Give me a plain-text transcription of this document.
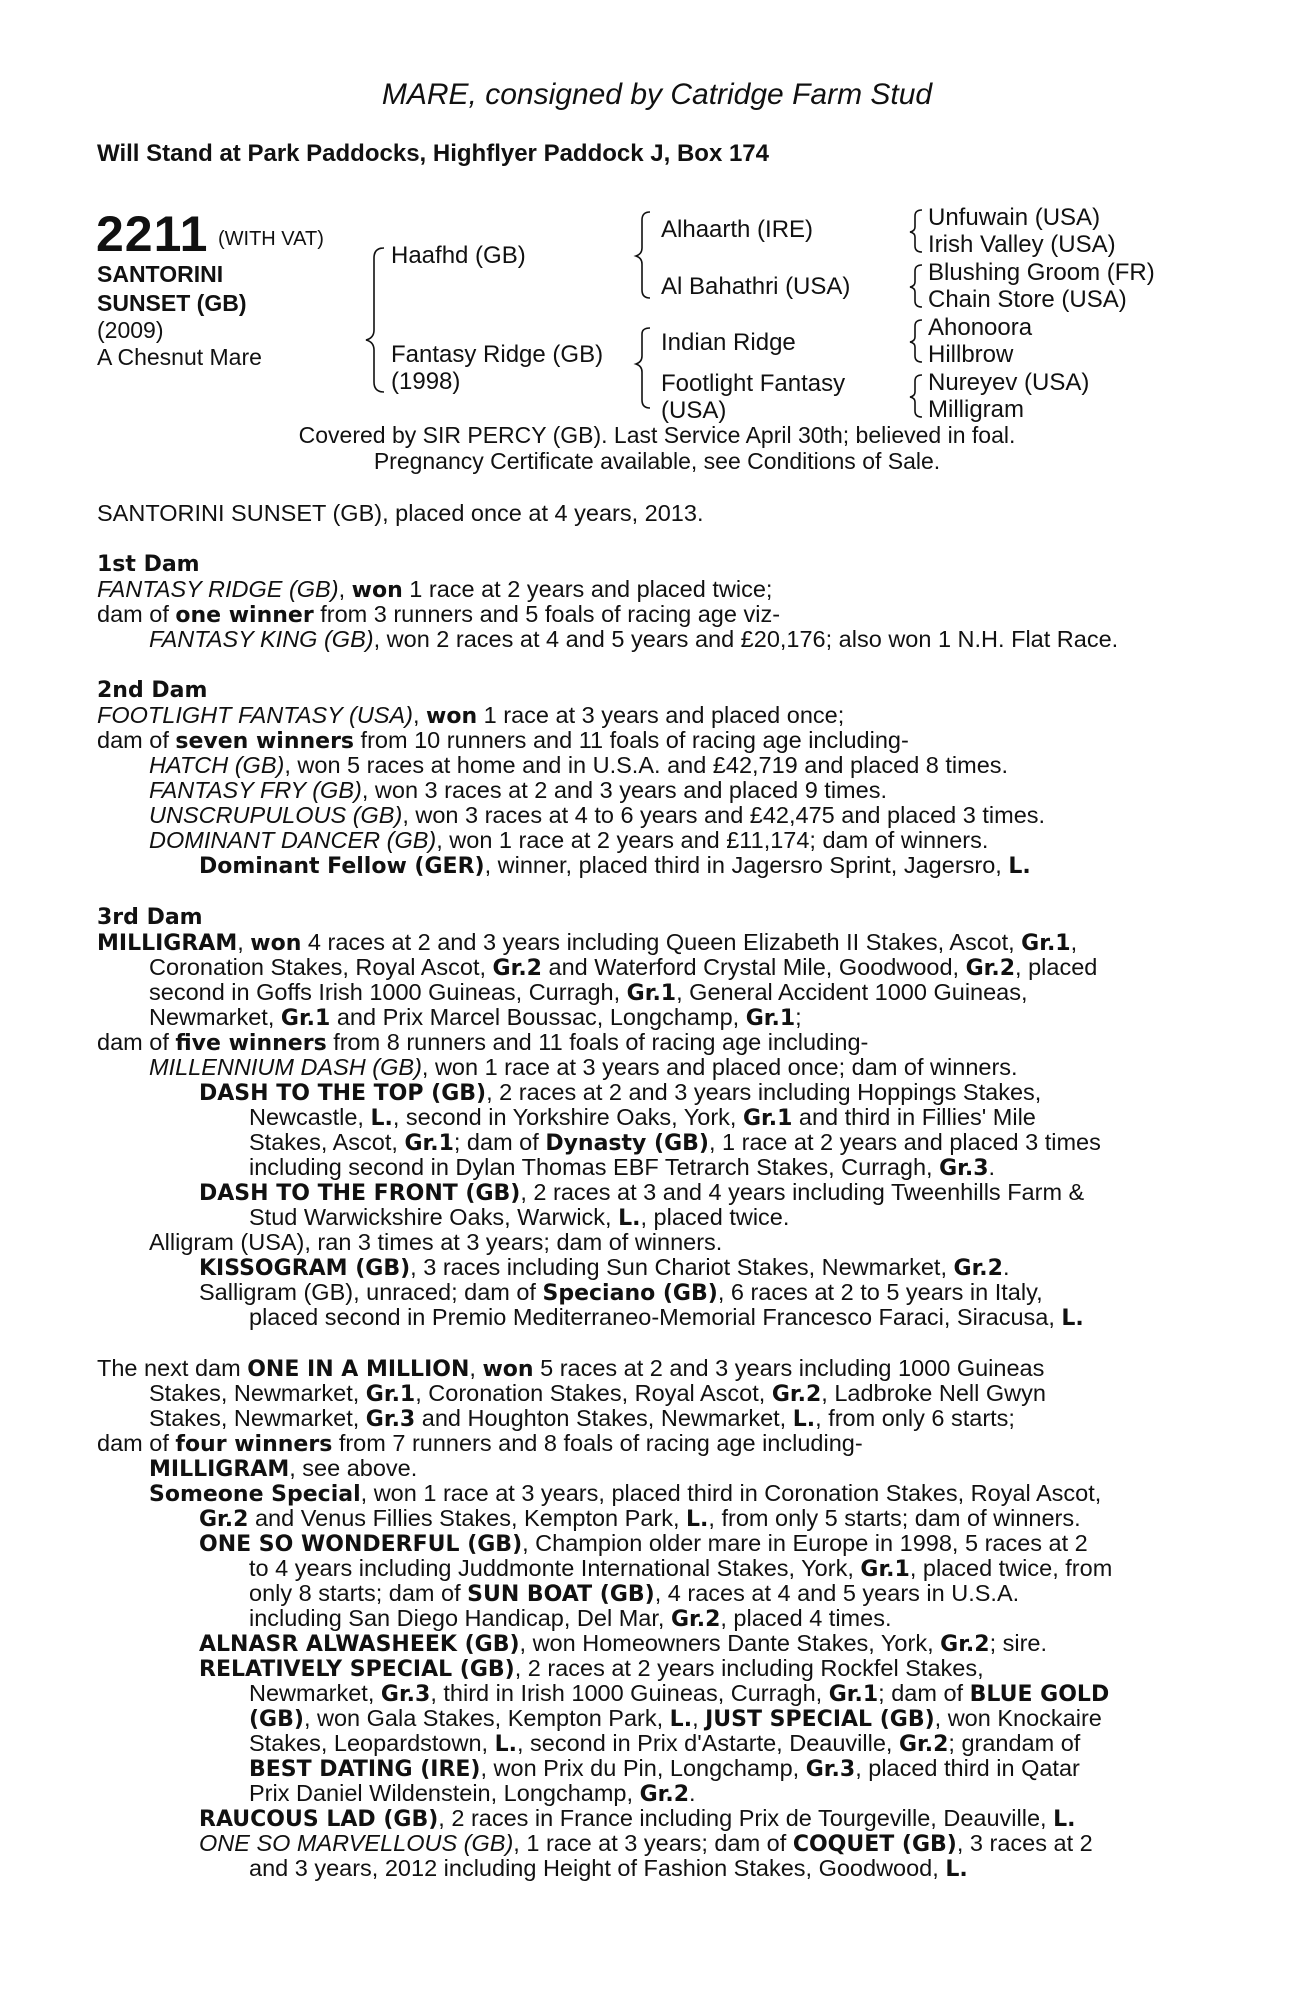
MARE, consigned by Catridge Farm Stud
Will Stand at Park Paddocks, Highflyer Paddock J, Box 174
2211 (WITH VAT)
SANTORINI
SUNSET (GB)
(2009)
A Chesnut Mare
Haafhd (GB)
Fantasy Ridge (GB)
(1998)
Alhaarth (IRE)
Al Bahathri (USA)
Indian Ridge
Footlight Fantasy
(USA)
Unfuwain (USA)
Irish Valley (USA)
Blushing Groom (FR)
Chain Store (USA)
Ahonoora
Hillbrow
Nureyev (USA)
Milligram
Covered by SIR PERCY (GB). Last Service April 30th; believed in foal.
Pregnancy Certificate available, see Conditions of Sale.
SANTORINI SUNSET (GB), placed once at 4 years, 2013.
1st Dam
FANTASY RIDGE (GB), won 1 race at 2 years and placed twice;
dam of one winner from 3 runners and 5 foals of racing age viz-
FANTASY KING (GB), won 2 races at 4 and 5 years and £20,176; also won 1 N.H. Flat Race.
2nd Dam
FOOTLIGHT FANTASY (USA), won 1 race at 3 years and placed once;
dam of seven winners from 10 runners and 11 foals of racing age including-
HATCH (GB), won 5 races at home and in U.S.A. and £42,719 and placed 8 times.
FANTASY FRY (GB), won 3 races at 2 and 3 years and placed 9 times.
UNSCRUPULOUS (GB), won 3 races at 4 to 6 years and £42,475 and placed 3 times.
DOMINANT DANCER (GB), won 1 race at 2 years and £11,174; dam of winners.
Dominant Fellow (GER), winner, placed third in Jagersro Sprint, Jagersro, L.
3rd Dam
MILLIGRAM, won 4 races at 2 and 3 years including Queen Elizabeth II Stakes, Ascot, Gr.1,
Coronation Stakes, Royal Ascot, Gr.2 and Waterford Crystal Mile, Goodwood, Gr.2, placed
second in Goffs Irish 1000 Guineas, Curragh, Gr.1, General Accident 1000 Guineas,
Newmarket, Gr.1 and Prix Marcel Boussac, Longchamp, Gr.1;
dam of five winners from 8 runners and 11 foals of racing age including-
MILLENNIUM DASH (GB), won 1 race at 3 years and placed once; dam of winners.
DASH TO THE TOP (GB), 2 races at 2 and 3 years including Hoppings Stakes,
Newcastle, L., second in Yorkshire Oaks, York, Gr.1 and third in Fillies' Mile
Stakes, Ascot, Gr.1; dam of Dynasty (GB), 1 race at 2 years and placed 3 times
including second in Dylan Thomas EBF Tetrarch Stakes, Curragh, Gr.3.
DASH TO THE FRONT (GB), 2 races at 3 and 4 years including Tweenhills Farm &
Stud Warwickshire Oaks, Warwick, L., placed twice.
Alligram (USA), ran 3 times at 3 years; dam of winners.
KISSOGRAM (GB), 3 races including Sun Chariot Stakes, Newmarket, Gr.2.
Salligram (GB), unraced; dam of Speciano (GB), 6 races at 2 to 5 years in Italy,
placed second in Premio Mediterraneo-Memorial Francesco Faraci, Siracusa, L.
The next dam ONE IN A MILLION, won 5 races at 2 and 3 years including 1000 Guineas
Stakes, Newmarket, Gr.1, Coronation Stakes, Royal Ascot, Gr.2, Ladbroke Nell Gwyn
Stakes, Newmarket, Gr.3 and Houghton Stakes, Newmarket, L., from only 6 starts;
dam of four winners from 7 runners and 8 foals of racing age including-
MILLIGRAM, see above.
Someone Special, won 1 race at 3 years, placed third in Coronation Stakes, Royal Ascot,
Gr.2 and Venus Fillies Stakes, Kempton Park, L., from only 5 starts; dam of winners.
ONE SO WONDERFUL (GB), Champion older mare in Europe in 1998, 5 races at 2
to 4 years including Juddmonte International Stakes, York, Gr.1, placed twice, from
only 8 starts; dam of SUN BOAT (GB), 4 races at 4 and 5 years in U.S.A.
including San Diego Handicap, Del Mar, Gr.2, placed 4 times.
ALNASR ALWASHEEK (GB), won Homeowners Dante Stakes, York, Gr.2; sire.
RELATIVELY SPECIAL (GB), 2 races at 2 years including Rockfel Stakes,
Newmarket, Gr.3, third in Irish 1000 Guineas, Curragh, Gr.1; dam of BLUE GOLD
(GB), won Gala Stakes, Kempton Park, L., JUST SPECIAL (GB), won Knockaire
Stakes, Leopardstown, L., second in Prix d'Astarte, Deauville, Gr.2; grandam of
BEST DATING (IRE), won Prix du Pin, Longchamp, Gr.3, placed third in Qatar
Prix Daniel Wildenstein, Longchamp, Gr.2.
RAUCOUS LAD (GB), 2 races in France including Prix de Tourgeville, Deauville, L.
ONE SO MARVELLOUS (GB), 1 race at 3 years; dam of COQUET (GB), 3 races at 2
and 3 years, 2012 including Height of Fashion Stakes, Goodwood, L.
